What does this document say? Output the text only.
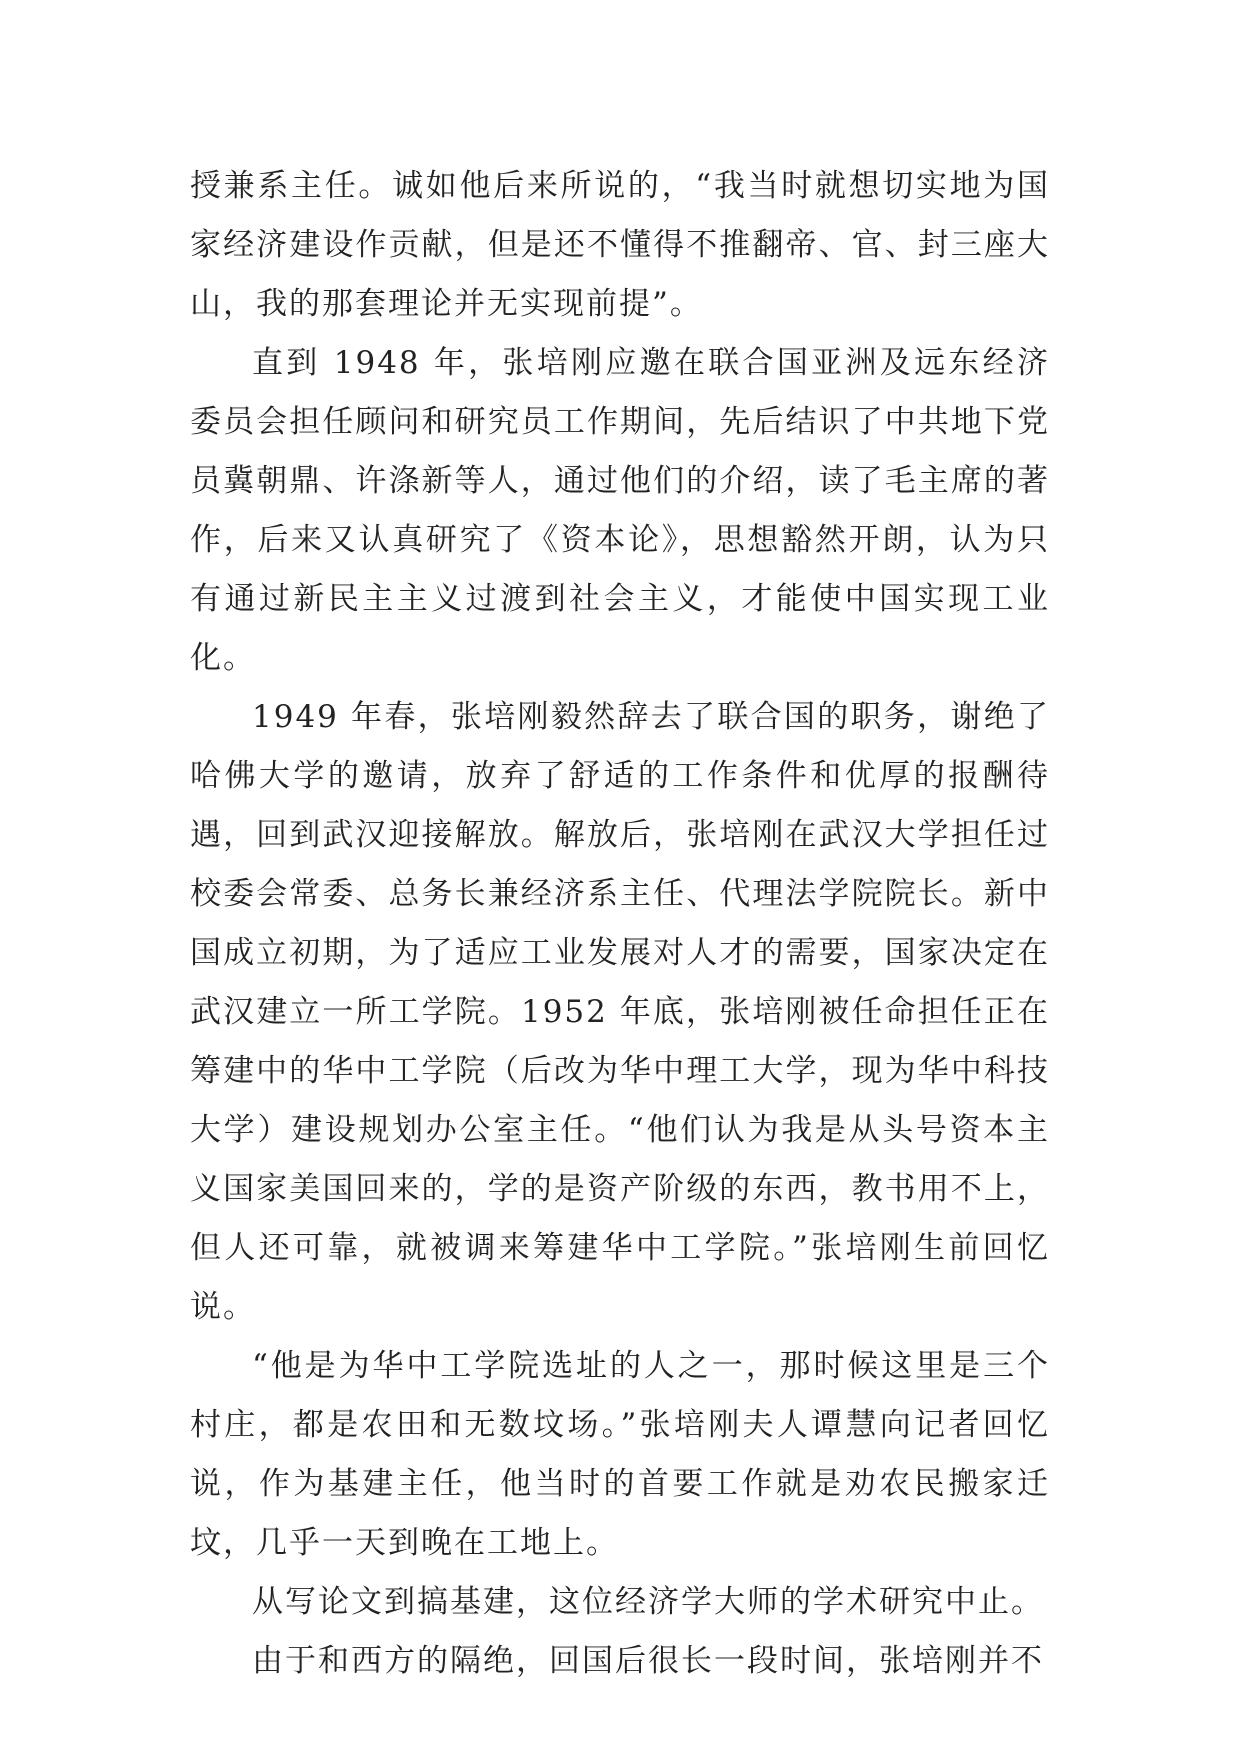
授兼系主任。诚如他后来所说的，“我当时就想切实地为国家经济建设作贡献，但是还不懂得不推翻帝、官、封三座大山，我的那套理论并无实现前提”。

直到 1948 年，张培刚应邀在联合国亚洲及远东经济委员会担任顾问和研究员工作期间，先后结识了中共地下党员冀朝鼎、许涤新等人，通过他们的介绍，读了毛主席的著作，后来又认真研究了《资本论》，思想豁然开朗，认为只有通过新民主主义过渡到社会主义，才能使中国实现工业化。

1949 年春，张培刚毅然辞去了联合国的职务，谢绝了哈佛大学的邀请，放弃了舒适的工作条件和优厚的报酬待遇，回到武汉迎接解放。解放后，张培刚在武汉大学担任过校委会常委、总务长兼经济系主任、代理法学院院长。新中国成立初期，为了适应工业发展对人才的需要，国家决定在武汉建立一所工学院。1952 年底，张培刚被任命担任正在筹建中的华中工学院（后改为华中理工大学，现为华中科技大学）建设规划办公室主任。“他们认为我是从头号资本主义国家美国回来的，学的是资产阶级的东西，教书用不上，但人还可靠，就被调来筹建华中工学院。”张培刚生前回忆说。

“他是为华中工学院选址的人之一，那时候这里是三个村庄，都是农田和无数坟场。”张培刚夫人谭慧向记者回忆说，作为基建主任，他当时的首要工作就是劝农民搬家迁坟，几乎一天到晚在工地上。

从写论文到搞基建，这位经济学大师的学术研究中止。

由于和西方的隔绝，回国后很长一段时间，张培刚并不
